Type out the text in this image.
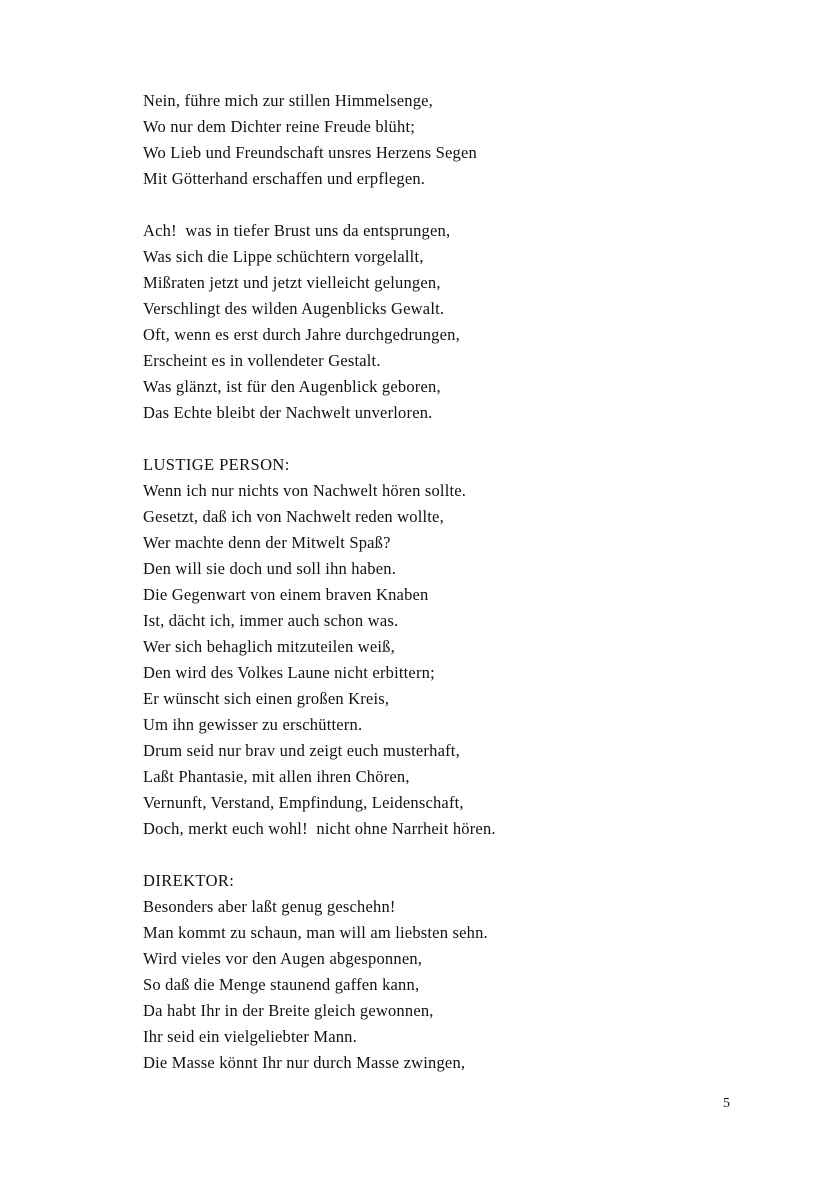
Nein, führe mich zur stillen Himmelsenge,
Wo nur dem Dichter reine Freude blüht;
Wo Lieb und Freundschaft unsres Herzens Segen
Mit Götterhand erschaffen und erpflegen.
Ach!  was in tiefer Brust uns da entsprungen,
Was sich die Lippe schüchtern vorgelallt,
Mißraten jetzt und jetzt vielleicht gelungen,
Verschlingt des wilden Augenblicks Gewalt.
Oft, wenn es erst durch Jahre durchgedrungen,
Erscheint es in vollendeter Gestalt.
Was glänzt, ist für den Augenblick geboren,
Das Echte bleibt der Nachwelt unverloren.
LUSTIGE PERSON:
Wenn ich nur nichts von Nachwelt hören sollte.
Gesetzt, daß ich von Nachwelt reden wollte,
Wer machte denn der Mitwelt Spaß?
Den will sie doch und soll ihn haben.
Die Gegenwart von einem braven Knaben
Ist, dächt ich, immer auch schon was.
Wer sich behaglich mitzuteilen weiß,
Den wird des Volkes Laune nicht erbittern;
Er wünscht sich einen großen Kreis,
Um ihn gewisser zu erschüttern.
Drum seid nur brav und zeigt euch musterhaft,
Laßt Phantasie, mit allen ihren Chören,
Vernunft, Verstand, Empfindung, Leidenschaft,
Doch, merkt euch wohl!  nicht ohne Narrheit hören.
DIREKTOR:
Besonders aber laßt genug geschehn!
Man kommt zu schaun, man will am liebsten sehn.
Wird vieles vor den Augen abgesponnen,
So daß die Menge staunend gaffen kann,
Da habt Ihr in der Breite gleich gewonnen,
Ihr seid ein vielgeliebter Mann.
Die Masse könnt Ihr nur durch Masse zwingen,
5
